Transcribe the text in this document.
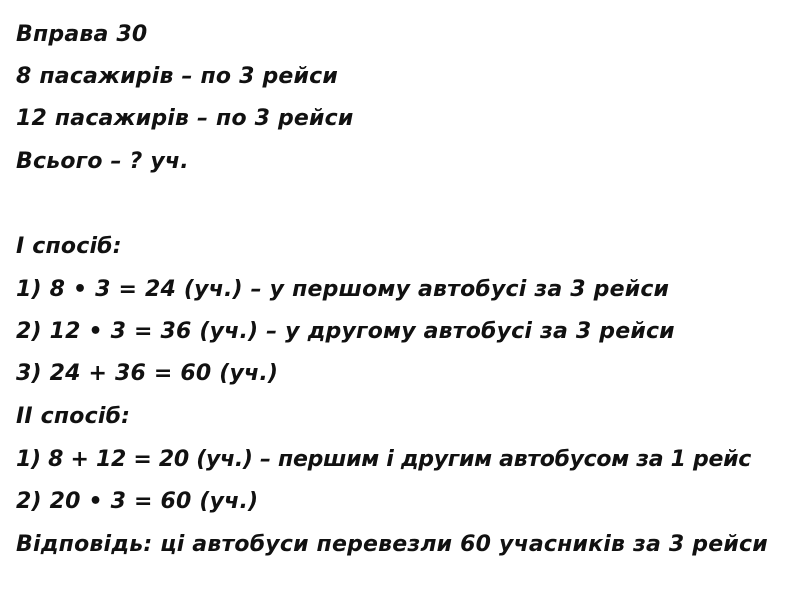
Вправа 30
8 пасажирів – по 3 рейси
12 пасажирів – по 3 рейси
Всього – ? уч.
І спосіб:
1) 8 • 3 = 24 (уч.) – у першому автобусі за 3 рейси
2) 12 • 3 = 36 (уч.) – у другому автобусі за 3 рейси
3) 24 + 36 = 60 (уч.)
ІІ спосіб:
1) 8 + 12 = 20 (уч.) – першим і другим автобусом за 1 рейс
2) 20 • 3 = 60 (уч.)
Відповідь: ці автобуси перевезли 60 учасників за 3 рейси
